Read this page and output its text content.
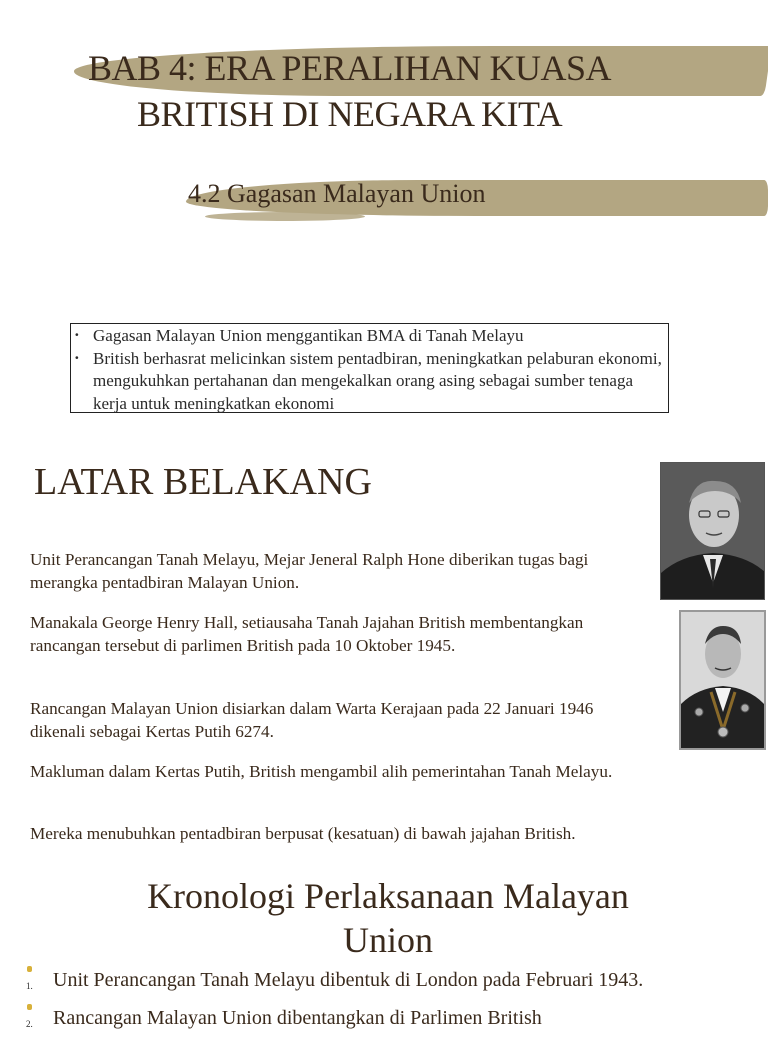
BAB 4: ERA PERALIHAN KUASA
BRITISH DI NEGARA KITA
4.2 Gagasan Malayan Union
· Gagasan Malayan Union menggantikan BMA di Tanah Melayu
· British berhasrat melicinkan sistem pentadbiran, meningkatkan pelaburan ekonomi, mengukuhkan pertahanan dan mengekalkan orang asing sebagai sumber tenaga kerja untuk meningkatkan ekonomi
LATAR BELAKANG
Unit Perancangan Tanah Melayu, Mejar Jeneral Ralph Hone diberikan tugas bagi merangka pentadbiran Malayan Union.
Manakala George Henry Hall, setiausaha Tanah Jajahan British membentangkan rancangan tersebut di parlimen British pada 10 Oktober 1945.
Rancangan Malayan Union disiarkan dalam Warta Kerajaan pada 22 Januari 1946 dikenali sebagai Kertas Putih 6274.
Makluman dalam Kertas Putih, British mengambil alih pemerintahan Tanah Melayu.
Mereka menubuhkan pentadbiran berpusat (kesatuan) di bawah jajahan British.
Kronologi Perlaksanaan Malayan Union
1. Unit Perancangan Tanah Melayu dibentuk di London pada Februari 1943.
2. Rancangan Malayan Union dibentangkan di Parlimen British
